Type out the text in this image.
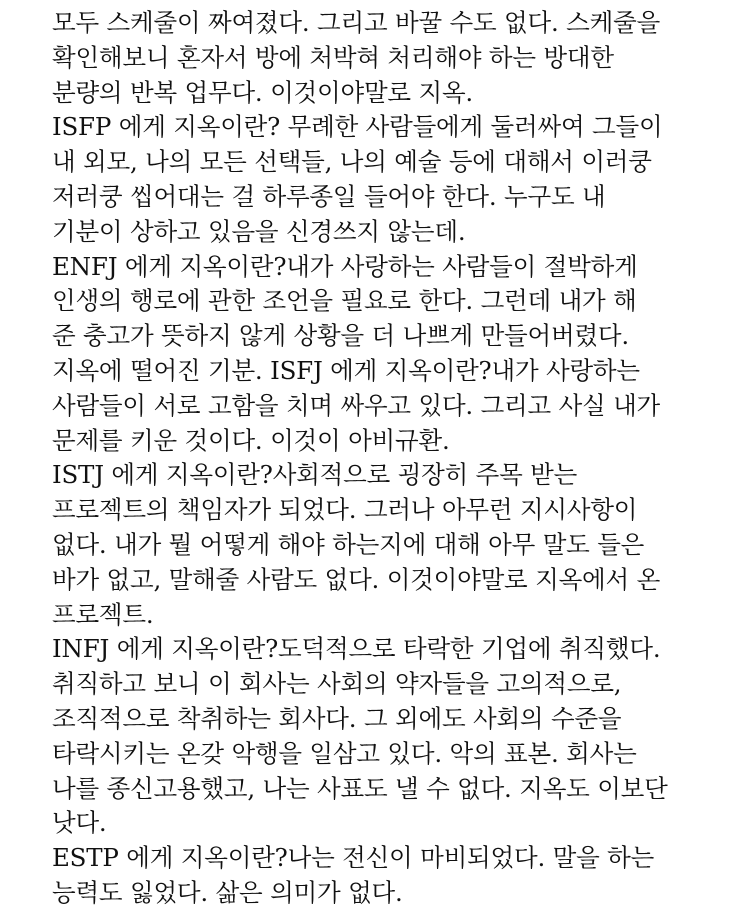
모두 스케줄이 짜여졌다. 그리고 바꿀 수도 없다. 스케줄을
확인해보니 혼자서 방에 처박혀 처리해야 하는 방대한
분량의 반복 업무다. 이것이야말로 지옥.
ISFP 에게 지옥이란? 무례한 사람들에게 둘러싸여 그들이
내 외모, 나의 모든 선택들, 나의 예술 등에 대해서 이러쿵
저러쿵 씹어대는 걸 하루종일 들어야 한다. 누구도 내
기분이 상하고 있음을 신경쓰지 않는데.
ENFJ 에게 지옥이란?내가 사랑하는 사람들이 절박하게
인생의 행로에 관한 조언을 필요로 한다. 그런데 내가 해
준 충고가 뜻하지 않게 상황을 더 나쁘게 만들어버렸다.
지옥에 떨어진 기분. ISFJ 에게 지옥이란?내가 사랑하는
사람들이 서로 고함을 치며 싸우고 있다. 그리고 사실 내가
문제를 키운 것이다. 이것이 아비규환.
ISTJ 에게 지옥이란?사회적으로 굉장히 주목 받는
프로젝트의 책임자가 되었다. 그러나 아무런 지시사항이
없다. 내가 뭘 어떻게 해야 하는지에 대해 아무 말도 들은
바가 없고, 말해줄 사람도 없다. 이것이야말로 지옥에서 온
프로젝트.
INFJ 에게 지옥이란?도덕적으로 타락한 기업에 취직했다.
취직하고 보니 이 회사는 사회의 약자들을 고의적으로,
조직적으로 착취하는 회사다. 그 외에도 사회의 수준을
타락시키는 온갖 악행을 일삼고 있다. 악의 표본. 회사는
나를 종신고용했고, 나는 사표도 낼 수 없다. 지옥도 이보단
낫다.
ESTP 에게 지옥이란?나는 전신이 마비되었다. 말을 하는
능력도 잃었다. 삶은 의미가 없다.
